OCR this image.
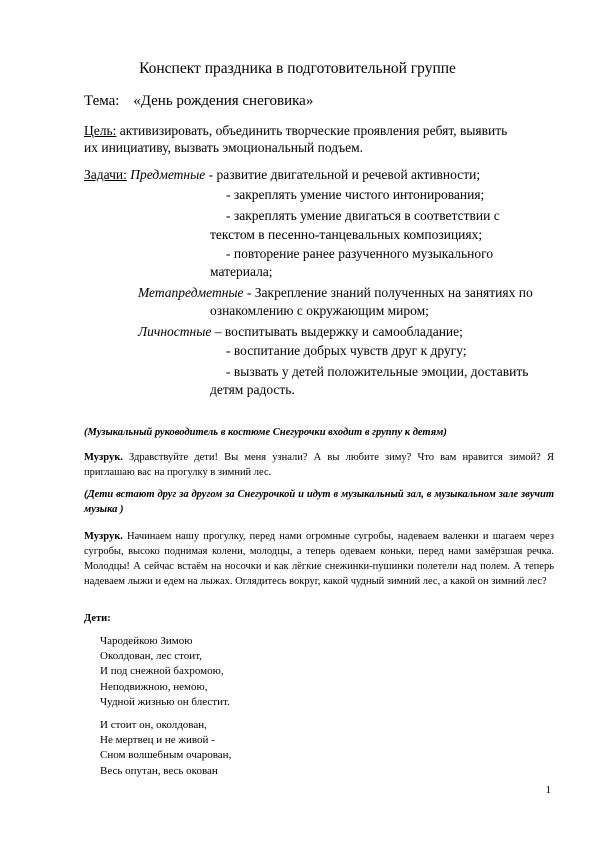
Конспект праздника в подготовительной группе
Тема: «День рождения снеговика»
Цель: активизировать, объединить творческие проявления ребят, выявить их инициативу, вызвать эмоциональный подъем.
Задачи: Предметные - развитие двигательной и речевой активности;
- закреплять умение чистого интонирования;
- закреплять умение двигаться в соответствии с
текстом в песенно-танцевальных композициях;
- повторение ранее разученного музыкального
материала;
Метапредметные - Закрепление знаний полученных на занятиях по
ознакомлению с окружающим миром;
Личностные – воспитывать выдержку и самообладание;
- воспитание добрых чувств друг к другу;
- вызвать у детей положительные эмоции, доставить
детям радость.
(Музыкальный руководитель в костюме Снегурочки входит в группу к детям)
Музрук. Здравствуйте дети! Вы меня узнали? А вы любите зиму? Что вам нравится зимой? Я приглашаю вас на прогулку в зимний лес.
(Дети встают друг за другом за Снегурочкой и идут в музыкальный зал, в музыкальном зале звучит музыка )
Музрук. Начинаем нашу прогулку, перед нами огромные сугробы, надеваем валенки и шагаем через сугробы, высоко поднимая колени, молодцы, а теперь одеваем коньки, перед нами замёрзшая речка. Молодцы! А сейчас встаём на носочки и как лёгкие снежинки-пушинки полетели над полем. А теперь надеваем лыжи и едем на лыжах. Оглядитесь вокруг, какой чудный зимний лес, а какой он зимний лес?
Дети:
Чародейкою Зимою
Околдован, лес стоит,
И под снежной бахромою,
Неподвижною, немою,
Чудной жизнью он блестит.
И стоит он, околдован,
Не мертвец и не живой -
Сном волшебным очарован,
Весь опутан, весь окован
1
